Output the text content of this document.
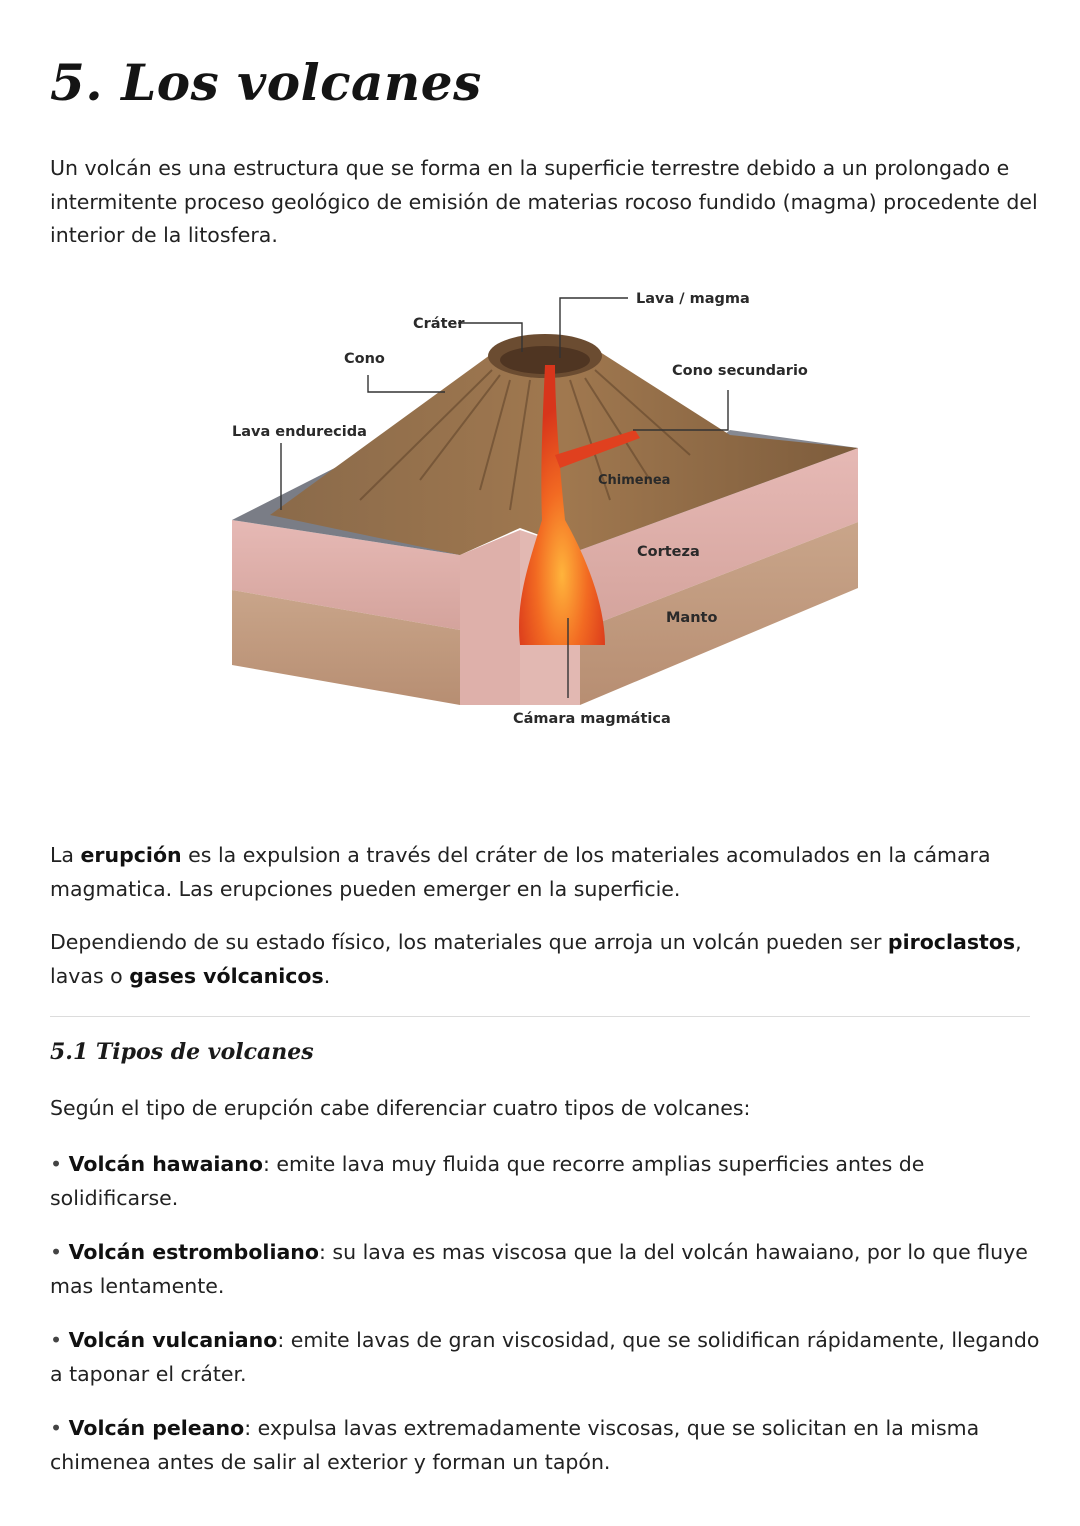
5. Los volcanes

Un volcán es una estructura que se forma en la superficie terrestre debido a un prolongado e intermitente proceso geológico de emisión de materias rocoso fundido (magma) procedente del interior de la litosfera.

Lava / magma
Cráter
Cono
Cono secundario
Lava endurecida
Chimenea
Corteza
Manto
Cámara magmática

La erupción es la expulsion a través del cráter de los materiales acomulados en la cámara magmatica. Las erupciones pueden emerger en la superficie.

Dependiendo de su estado físico, los materiales que arroja un volcán pueden ser piroclastos, lavas o gases vólcanicos.

5.1 Tipos de volcanes

Según el tipo de erupción cabe diferenciar cuatro tipos de volcanes:

• Volcán hawaiano: emite lava muy fluida que recorre amplias superficies antes de solidificarse.
• Volcán estromboliano: su lava es mas viscosa que la del volcán hawaiano, por lo que fluye mas lentamente.
• Volcán vulcaniano: emite lavas de gran viscosidad, que se solidifican rápidamente, llegando a taponar el cráter.
• Volcán peleano: expulsa lavas extremadamente viscosas, que se solicitan en la misma chimenea antes de salir al exterior y forman un tapón.
